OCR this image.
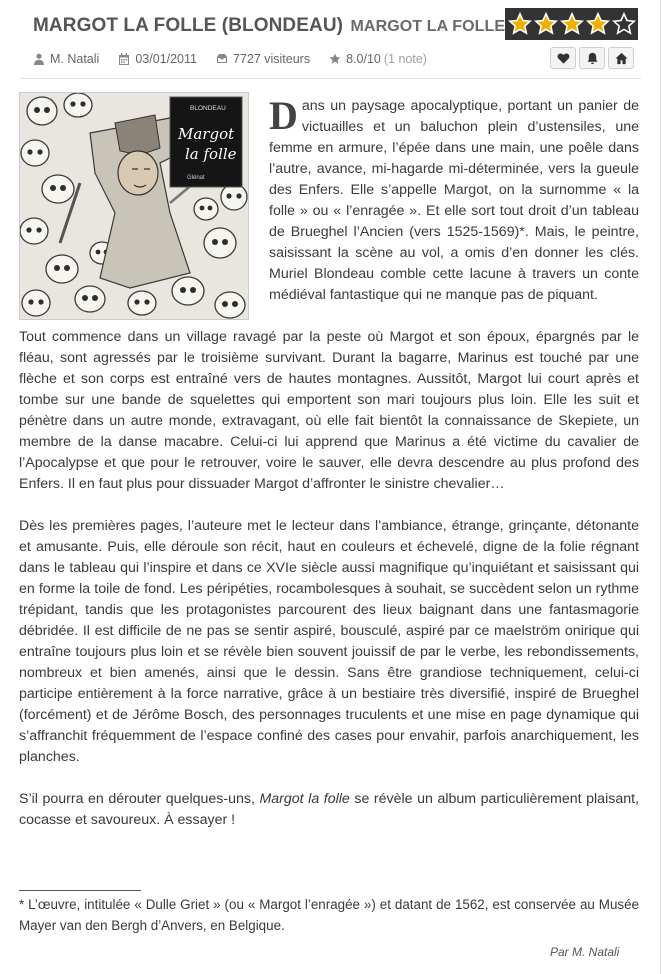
MARGOT LA FOLLE (BLONDEAU) MARGOT LA FOLLE
M. Natali	03/01/2011	7727 visiteurs	8.0/10 (1 note)
BLONDEAU
Margot
la folle
Glénat

Dans un paysage apocalyptique, portant un panier de victuailles et un baluchon plein d’ustensiles, une femme en armure, l’épée dans une main, une poêle dans l’autre, avance, mi-hagarde mi-déterminée, vers la gueule des Enfers. Elle s’appelle Margot, on la surnomme « la folle » ou « l’enragée ». Et elle sort tout droit d’un tableau de Brueghel l’Ancien (vers 1525-1569)*. Mais, le peintre, saisissant la scène au vol, a omis d’en donner les clés. Muriel Blondeau comble cette lacune à travers un conte médiéval fantastique qui ne manque pas de piquant.

Tout commence dans un village ravagé par la peste où Margot et son époux, épargnés par le fléau, sont agressés par le troisième survivant. Durant la bagarre, Marinus est touché par une flèche et son corps est entraîné vers de hautes montagnes. Aussitôt, Margot lui court après et tombe sur une bande de squelettes qui emportent son mari toujours plus loin. Elle les suit et pénètre dans un autre monde, extravagant, où elle fait bientôt la connaissance de Skepiete, un membre de la danse macabre. Celui-ci lui apprend que Marinus a été victime du cavalier de l’Apocalypse et que pour le retrouver, voire le sauver, elle devra descendre au plus profond des Enfers. Il en faut plus pour dissuader Margot d’affronter le sinistre chevalier…

Dès les premières pages, l’auteure met le lecteur dans l’ambiance, étrange, grinçante, détonante et amusante. Puis, elle déroule son récit, haut en couleurs et échevelé, digne de la folie régnant dans le tableau qui l’inspire et dans ce XVIe siècle aussi magnifique qu’inquiétant et saisissant qui en forme la toile de fond. Les péripéties, rocambolesques à souhait, se succèdent selon un rythme trépidant, tandis que les protagonistes parcourent des lieux baignant dans une fantasmagorie débridée. Il est difficile de ne pas se sentir aspiré, bousculé, aspiré par ce maelström onirique qui entraîne toujours plus loin et se révèle bien souvent jouissif de par le verbe, les rebondissements, nombreux et bien amenés, ainsi que le dessin. Sans être grandiose techniquement, celui-ci participe entièrement à la force narrative, grâce à un bestiaire très diversifié, inspiré de Brueghel (forcément) et de Jérôme Bosch, des personnages truculents et une mise en page dynamique qui s’affranchit fréquemment de l’espace confiné des cases pour envahir, parfois anarchiquement, les planches.

S’il pourra en dérouter quelques-uns, Margot la folle se révèle un album particulièrement plaisant, cocasse et savoureux. À essayer !

* L’œuvre, intitulée « Dulle Griet » (ou « Margot l’enragée ») et datant de 1562, est conservée au Musée Mayer van den Bergh d’Anvers, en Belgique.
Par M. Natali
